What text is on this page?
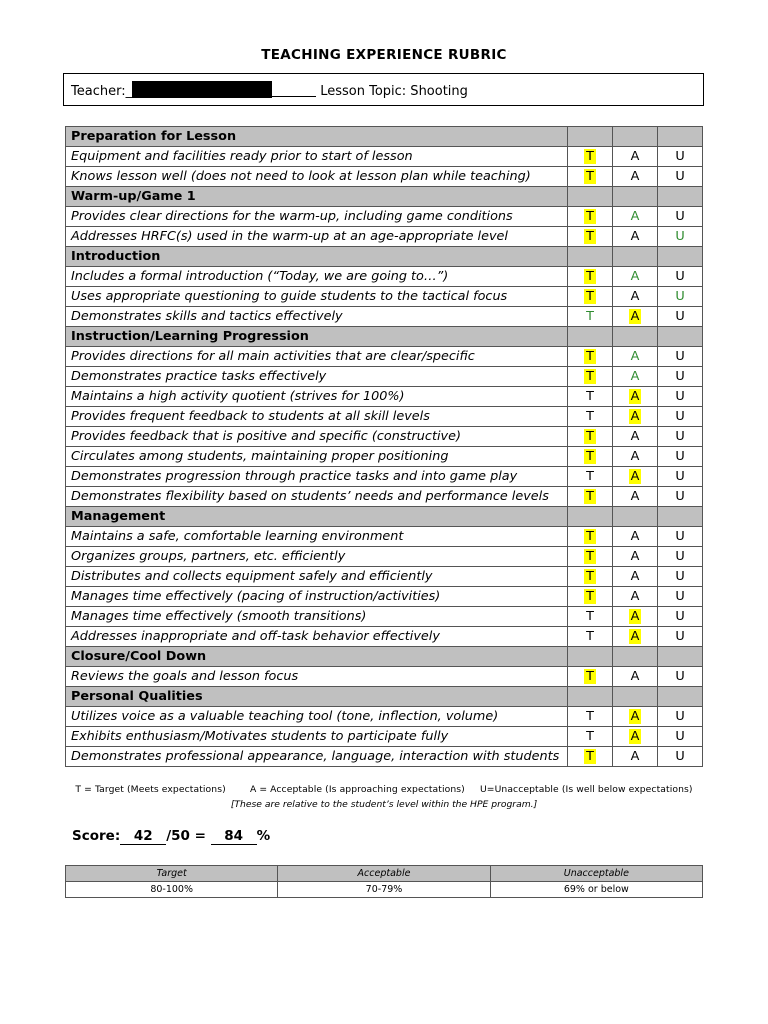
TEACHING EXPERIENCE RUBRIC
Teacher:_	Lesson Topic: Shooting
Preparation for Lesson			
Equipment and facilities ready prior to start of lesson	T	A	U
Knows lesson well (does not need to look at lesson plan while teaching)	T	A	U
Warm-up/Game 1			
Provides clear directions for the warm-up, including game conditions	T	A	U
Addresses HRFC(s) used in the warm-up at an age-appropriate level	T	A	U
Introduction			
Includes a formal introduction (“Today, we are going to…”)	T	A	U
Uses appropriate questioning to guide students to the tactical focus	T	A	U
Demonstrates skills and tactics effectively	T	A	U
Instruction/Learning Progression			
Provides directions for all main activities that are clear/specific	T	A	U
Demonstrates practice tasks effectively	T	A	U
Maintains a high activity quotient (strives for 100%)	T	A	U
Provides frequent feedback to students at all skill levels	T	A	U
Provides feedback that is positive and specific (constructive)	T	A	U
Circulates among students, maintaining proper positioning	T	A	U
Demonstrates progression through practice tasks and into game play	T	A	U
Demonstrates flexibility based on students’ needs and performance levels	T	A	U
Management			
Maintains a safe, comfortable learning environment	T	A	U
Organizes groups, partners, etc. efficiently	T	A	U
Distributes and collects equipment safely and efficiently	T	A	U
Manages time effectively (pacing of instruction/activities)	T	A	U
Manages time effectively (smooth transitions)	T	A	U
Addresses inappropriate and off-task behavior effectively	T	A	U
Closure/Cool Down			
Reviews the goals and lesson focus	T	A	U
Personal Qualities			
Utilizes voice as a valuable teaching tool (tone, inflection, volume)	T	A	U
Exhibits enthusiasm/Motivates students to participate fully	T	A	U
Demonstrates professional appearance, language, interaction with students	T	A	U
T = Target (Meets expectations)        A = Acceptable (Is approaching expectations)     U=Unacceptable (Is well below expectations)
[These are relative to the student’s level within the HPE program.]
Score: 42 /50 = 84 %
Target	Acceptable	Unacceptable
80-100%	70-79%	69% or below
